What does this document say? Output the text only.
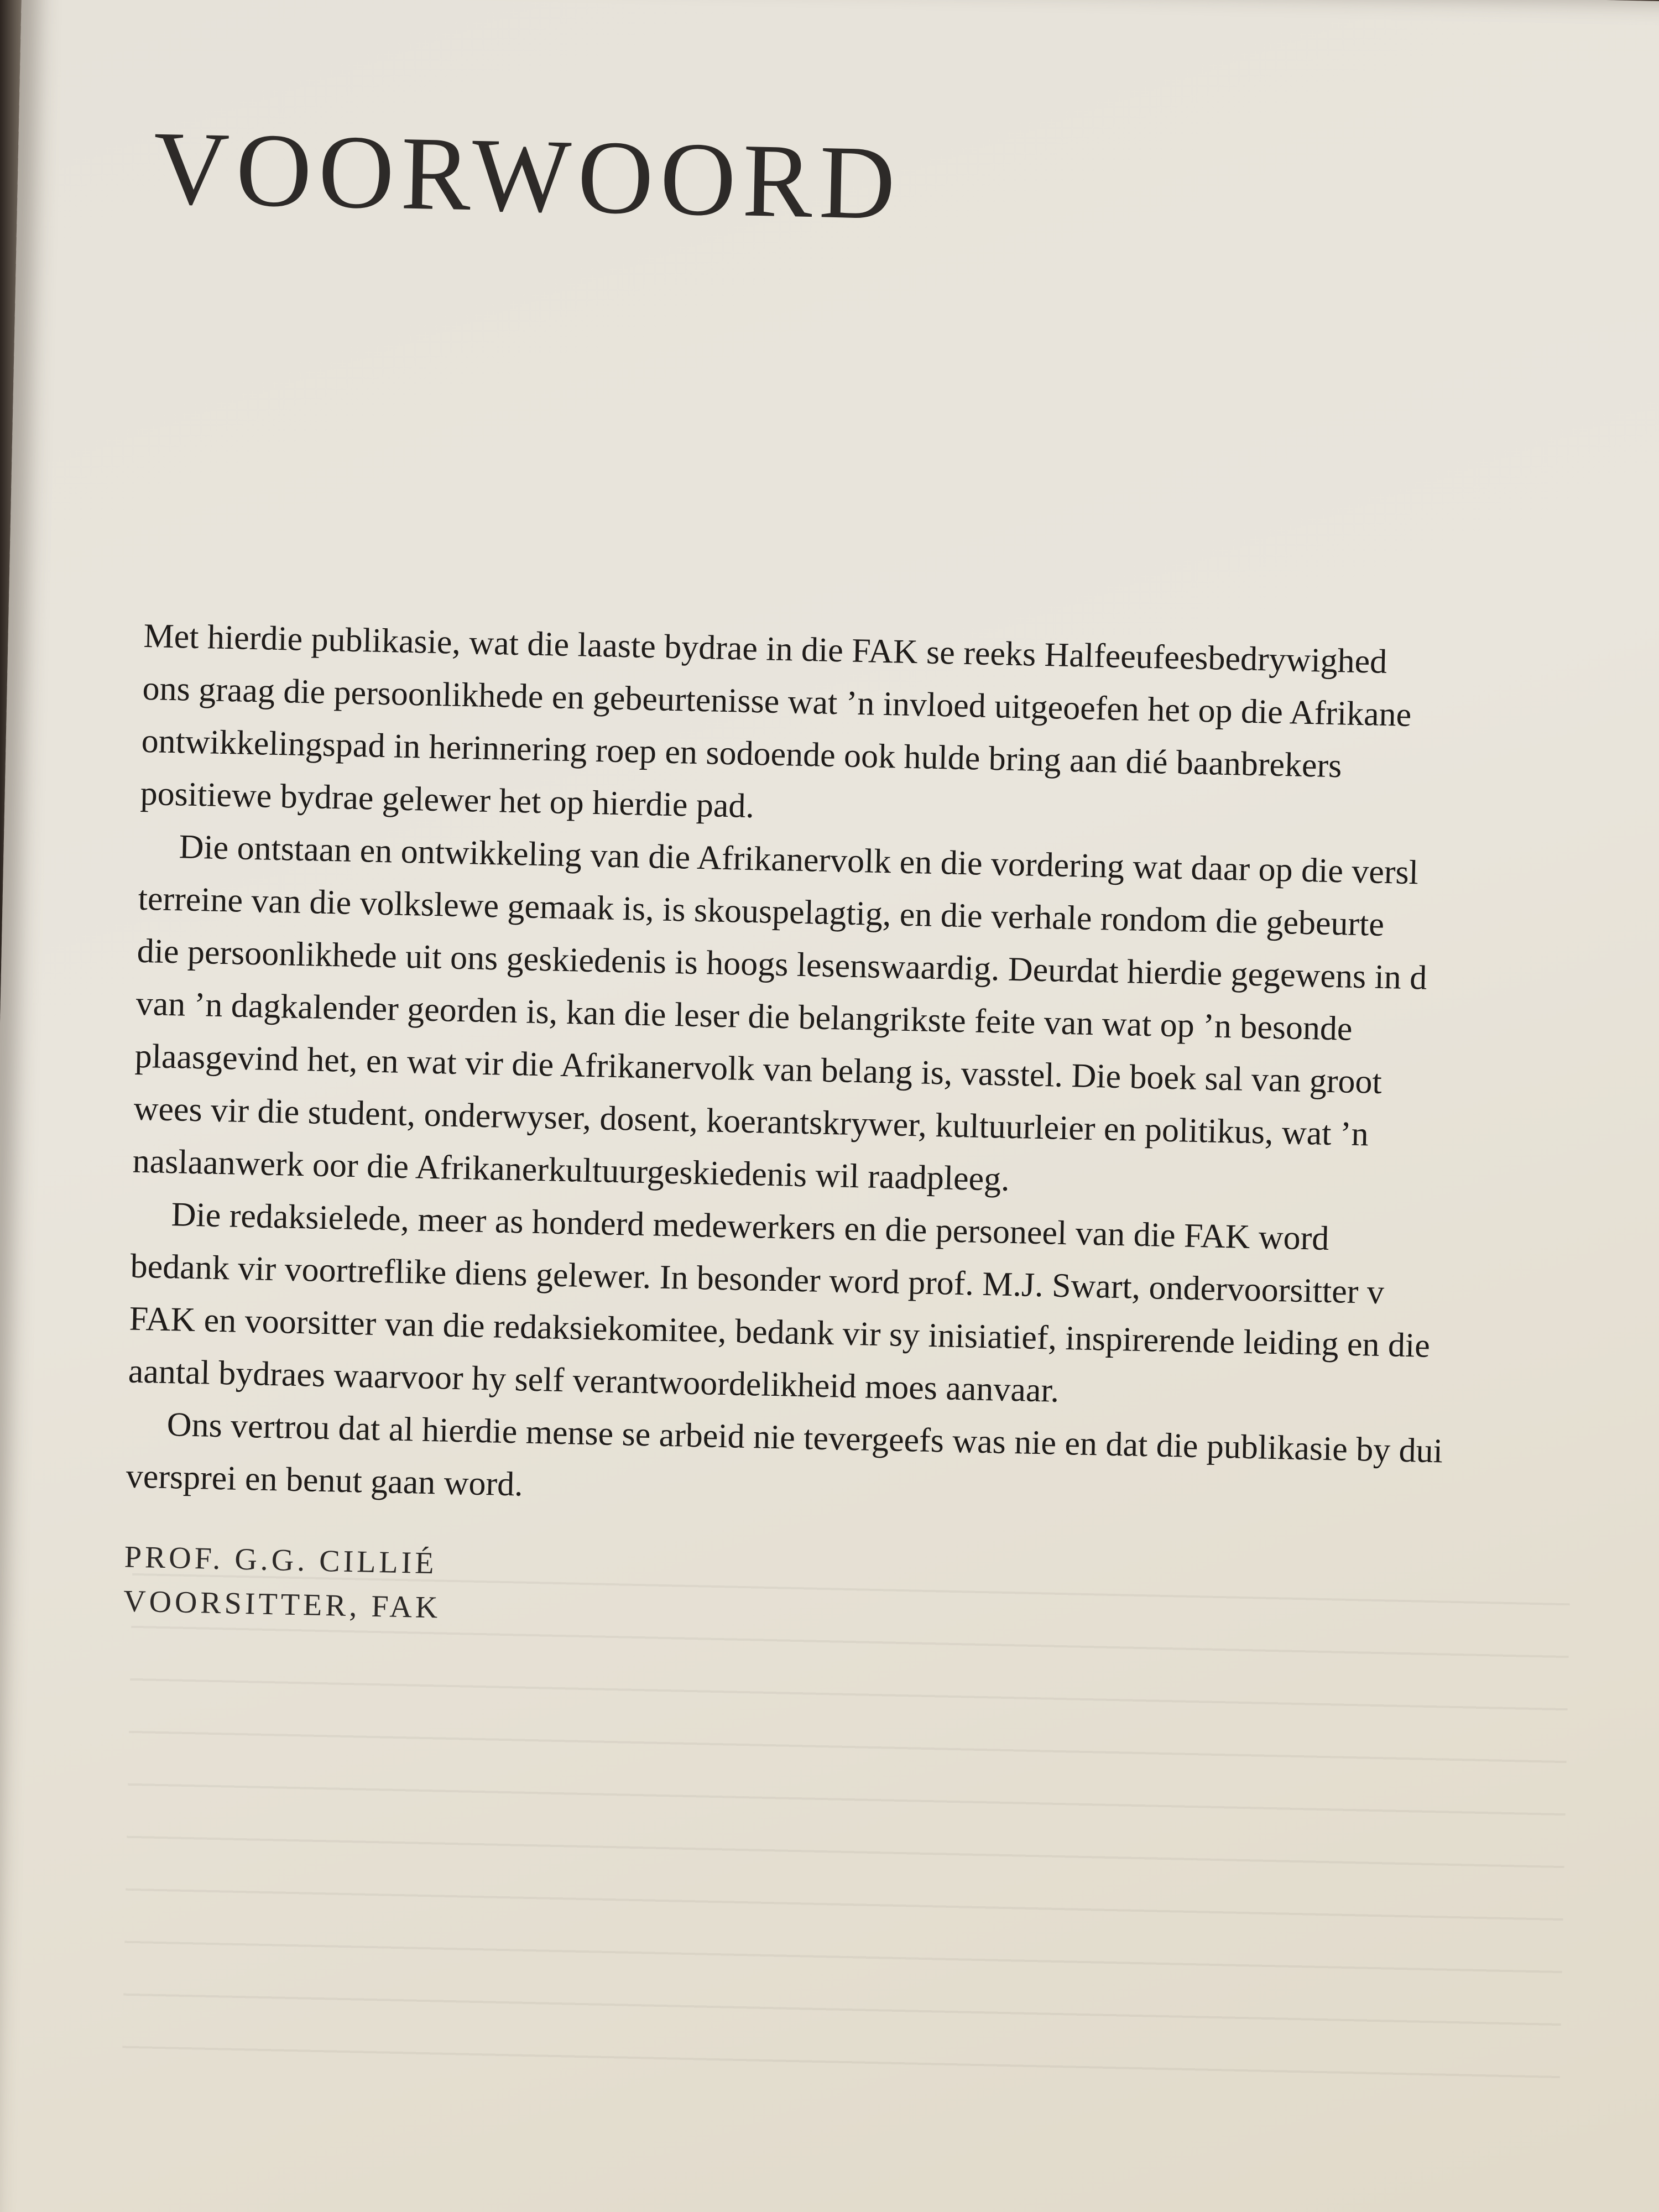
VOORWOORD

Met hierdie publikasie, wat die laaste bydrae in die FAK se reeks Halfeeufeesbedrywighed
ons graag die persoonlikhede en gebeurtenisse wat ’n invloed uitgeoefen het op die Afrikane
ontwikkelingspad in herinnering roep en sodoende ook hulde bring aan dié baanbrekers
positiewe bydrae gelewer het op hierdie pad.

Die ontstaan en ontwikkeling van die Afrikanervolk en die vordering wat daar op die versl
terreine van die volkslewe gemaak is, is skouspelagtig, en die verhale rondom die gebeurte
die persoonlikhede uit ons geskiedenis is hoogs lesenswaardig. Deurdat hierdie gegewens in d
van ’n dagkalender georden is, kan die leser die belangrikste feite van wat op ’n besonde
plaasgevind het, en wat vir die Afrikanervolk van belang is, vasstel. Die boek sal van groot
wees vir die student, onderwyser, dosent, koerantskrywer, kultuurleier en politikus, wat ’n
naslaanwerk oor die Afrikanerkultuurgeskiedenis wil raadpleeg.

Die redaksielede, meer as honderd medewerkers en die personeel van die FAK word
bedank vir voortreflike diens gelewer. In besonder word prof. M.J. Swart, ondervoorsitter v
FAK en voorsitter van die redaksiekomitee, bedank vir sy inisiatief, inspirerende leiding en die
aantal bydraes waarvoor hy self verantwoordelikheid moes aanvaar.

Ons vertrou dat al hierdie mense se arbeid nie tevergeefs was nie en dat die publikasie by dui
versprei en benut gaan word.

PROF. G.G. CILLIÉ
VOORSITTER, FAK
